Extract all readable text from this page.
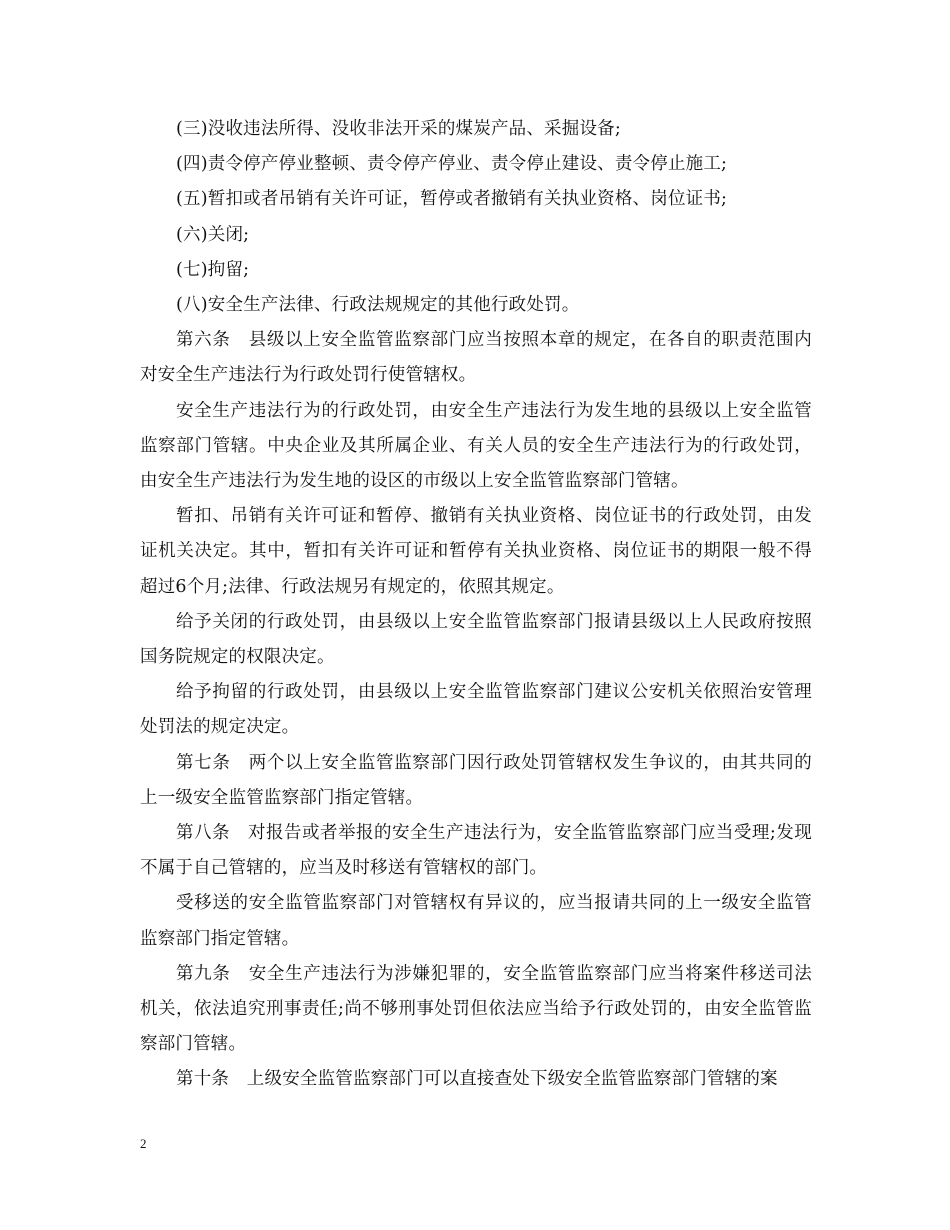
(三)没收违法所得、没收非法开采的煤炭产品、采掘设备;

(四)责令停产停业整顿、责令停产停业、责令停止建设、责令停止施工;

(五)暂扣或者吊销有关许可证，暂停或者撤销有关执业资格、岗位证书;

(六)关闭;

(七)拘留;

(八)安全生产法律、行政法规规定的其他行政处罚。

第六条　县级以上安全监管监察部门应当按照本章的规定，在各自的职责范围内对安全生产违法行为行政处罚行使管辖权。

安全生产违法行为的行政处罚，由安全生产违法行为发生地的县级以上安全监管监察部门管辖。中央企业及其所属企业、有关人员的安全生产违法行为的行政处罚，由安全生产违法行为发生地的设区的市级以上安全监管监察部门管辖。

暂扣、吊销有关许可证和暂停、撤销有关执业资格、岗位证书的行政处罚，由发证机关决定。其中，暂扣有关许可证和暂停有关执业资格、岗位证书的期限一般不得超过6个月;法律、行政法规另有规定的，依照其规定。

给予关闭的行政处罚，由县级以上安全监管监察部门报请县级以上人民政府按照国务院规定的权限决定。

给予拘留的行政处罚，由县级以上安全监管监察部门建议公安机关依照治安管理处罚法的规定决定。

第七条　两个以上安全监管监察部门因行政处罚管辖权发生争议的，由其共同的上一级安全监管监察部门指定管辖。

第八条　对报告或者举报的安全生产违法行为，安全监管监察部门应当受理;发现不属于自己管辖的，应当及时移送有管辖权的部门。

受移送的安全监管监察部门对管辖权有异议的，应当报请共同的上一级安全监管监察部门指定管辖。

第九条　安全生产违法行为涉嫌犯罪的，安全监管监察部门应当将案件移送司法机关，依法追究刑事责任;尚不够刑事处罚但依法应当给予行政处罚的，由安全监管监察部门管辖。

第十条　上级安全监管监察部门可以直接查处下级安全监管监察部门管辖的案

2
